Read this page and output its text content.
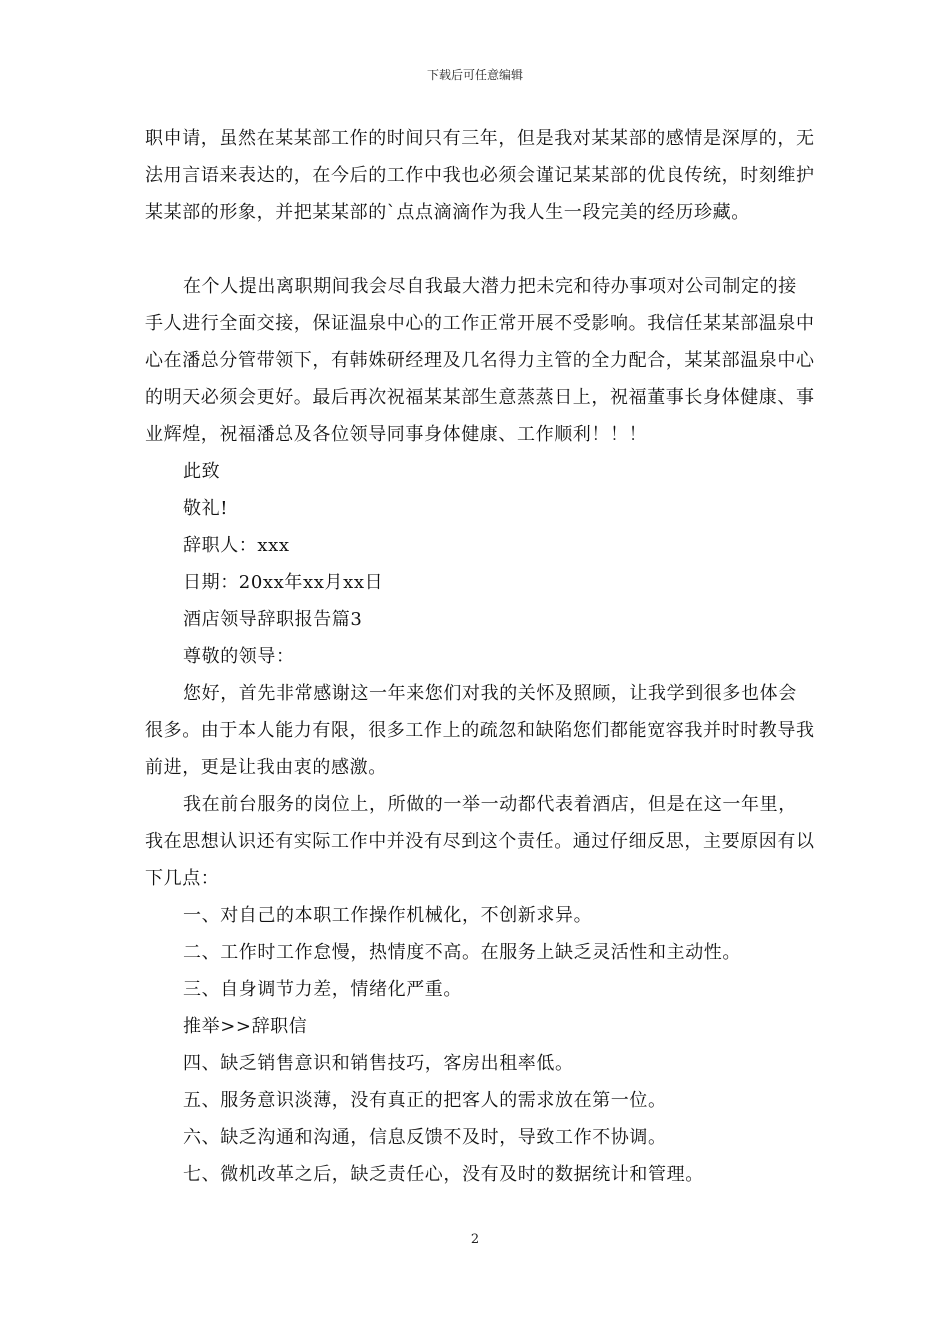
下载后可任意编辑

职申请，虽然在某某部工作的时间只有三年，但是我对某某部的感情是深厚的，无法用言语来表达的，在今后的工作中我也必须会谨记某某部的优良传统，时刻维护某某部的形象，并把某某部的`点点滴滴作为我人生一段完美的经历珍藏。

在个人提出离职期间我会尽自我最大潜力把未完和待办事项对公司制定的接手人进行全面交接，保证温泉中心的工作正常开展不受影响。我信任某某部温泉中心在潘总分管带领下，有韩姝研经理及几名得力主管的全力配合，某某部温泉中心的明天必须会更好。最后再次祝福某某部生意蒸蒸日上，祝福董事长身体健康、事业辉煌，祝福潘总及各位领导同事身体健康、工作顺利！！！

此致

敬礼!

辞职人：xxx

日期：20xx年xx月xx日

酒店领导辞职报告篇3

尊敬的领导：

您好，首先非常感谢这一年来您们对我的关怀及照顾，让我学到很多也体会很多。由于本人能力有限，很多工作上的疏忽和缺陷您们都能宽容我并时时教导我前进，更是让我由衷的感激。

我在前台服务的岗位上，所做的一举一动都代表着酒店，但是在这一年里，我在思想认识还有实际工作中并没有尽到这个责任。通过仔细反思，主要原因有以下几点：

一、对自己的本职工作操作机械化，不创新求异。

二、工作时工作怠慢，热情度不高。在服务上缺乏灵活性和主动性。

三、自身调节力差，情绪化严重。

推举>>辞职信

四、缺乏销售意识和销售技巧，客房出租率低。

五、服务意识淡薄，没有真正的把客人的需求放在第一位。

六、缺乏沟通和沟通，信息反馈不及时，导致工作不协调。

七、微机改革之后，缺乏责任心，没有及时的数据统计和管理。

2
